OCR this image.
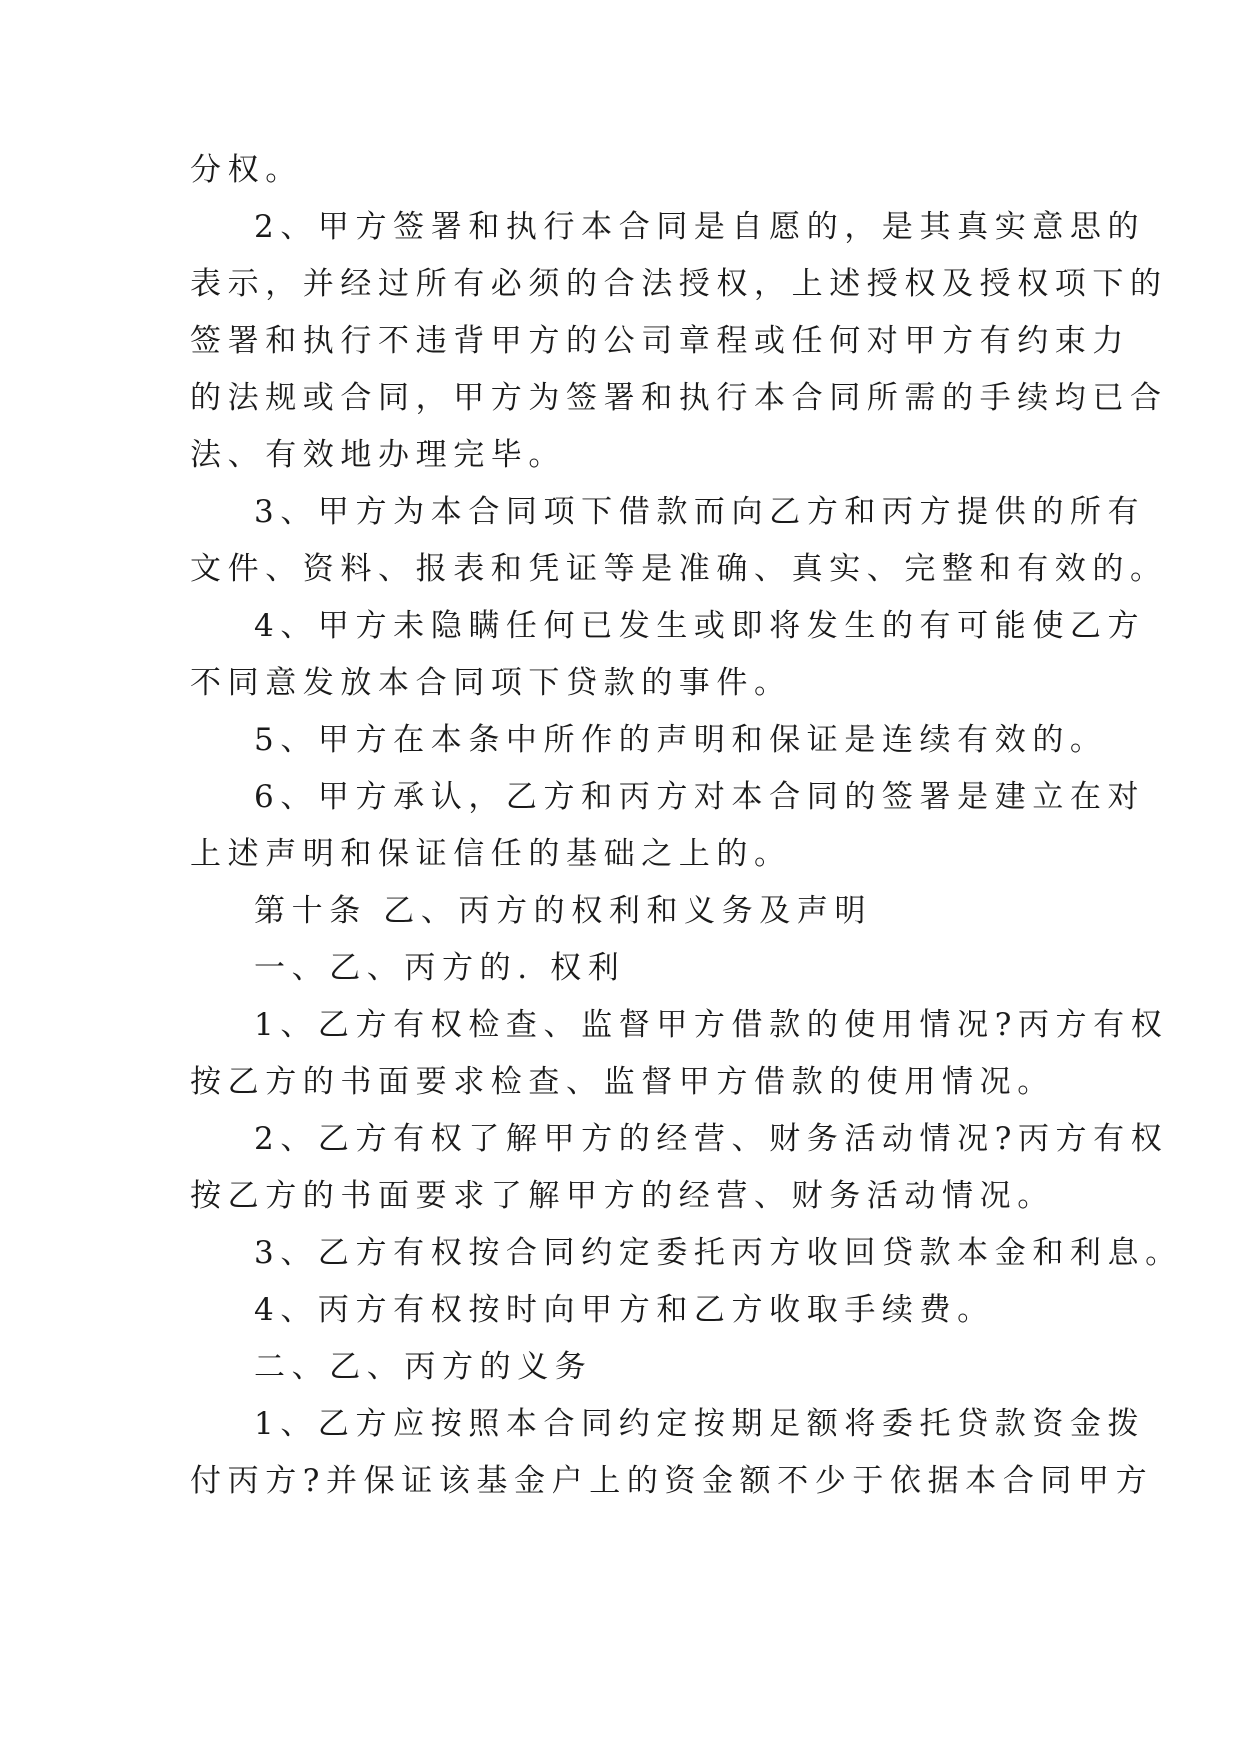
分权。
2、甲方签署和执行本合同是自愿的，是其真实意思的
表示，并经过所有必须的合法授权，上述授权及授权项下的
签署和执行不违背甲方的公司章程或任何对甲方有约束力
的法规或合同，甲方为签署和执行本合同所需的手续均已合
法、有效地办理完毕。
3、甲方为本合同项下借款而向乙方和丙方提供的所有
文件、资料、报表和凭证等是准确、真实、完整和有效的。
4、甲方未隐瞒任何已发生或即将发生的有可能使乙方
不同意发放本合同项下贷款的事件。
5、甲方在本条中所作的声明和保证是连续有效的。
6、甲方承认，乙方和丙方对本合同的签署是建立在对
上述声明和保证信任的基础之上的。
第十条 乙、丙方的权利和义务及声明
一、乙、丙方的. 权利
1、乙方有权检查、监督甲方借款的使用情况?丙方有权
按乙方的书面要求检查、监督甲方借款的使用情况。
2、乙方有权了解甲方的经营、财务活动情况?丙方有权
按乙方的书面要求了解甲方的经营、财务活动情况。
3、乙方有权按合同约定委托丙方收回贷款本金和利息。
4、丙方有权按时向甲方和乙方收取手续费。
二、乙、丙方的义务
1、乙方应按照本合同约定按期足额将委托贷款资金拨
付丙方?并保证该基金户上的资金额不少于依据本合同甲方
